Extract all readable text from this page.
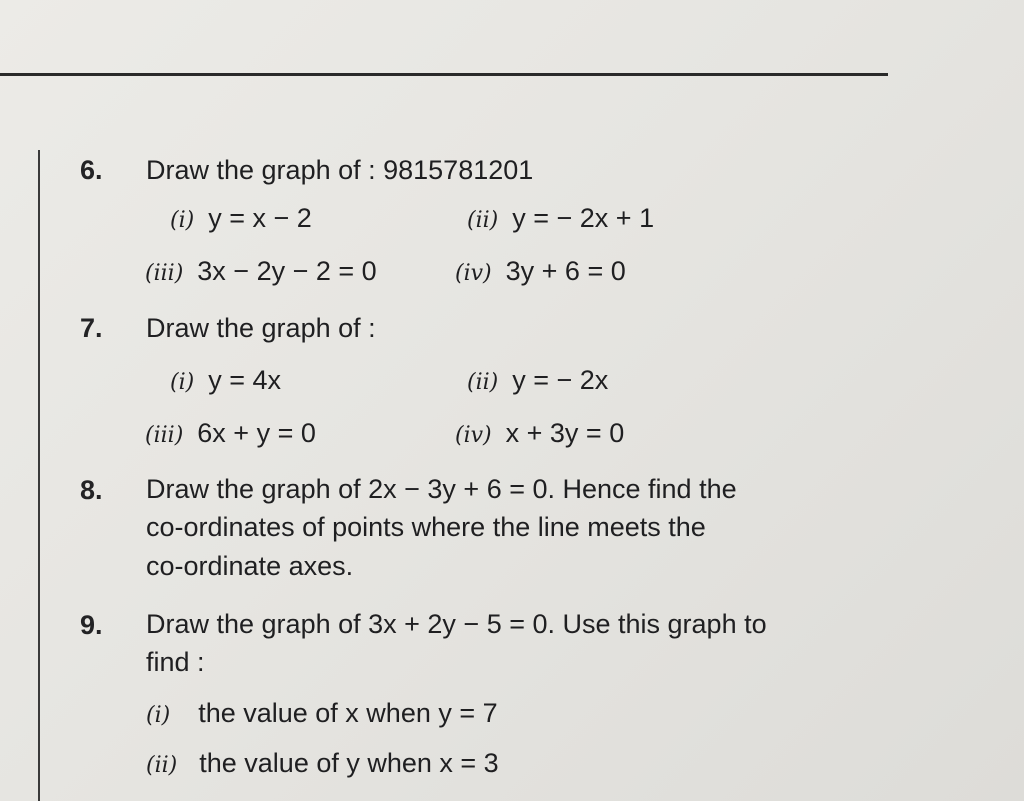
6. Draw the graph of : 9815781201
(i) y = x − 2	(ii) y = − 2x + 1
(iii) 3x − 2y − 2 = 0	(iv) 3y + 6 = 0
7. Draw the graph of :
(i) y = 4x	(ii) y = − 2x
(iii) 6x + y = 0	(iv) x + 3y = 0
8. Draw the graph of 2x − 3y + 6 = 0. Hence find the
co-ordinates of points where the line meets the
co-ordinate axes.
9. Draw the graph of 3x + 2y − 5 = 0. Use this graph to
find :
(i) the value of x when y = 7
(ii) the value of y when x = 3
